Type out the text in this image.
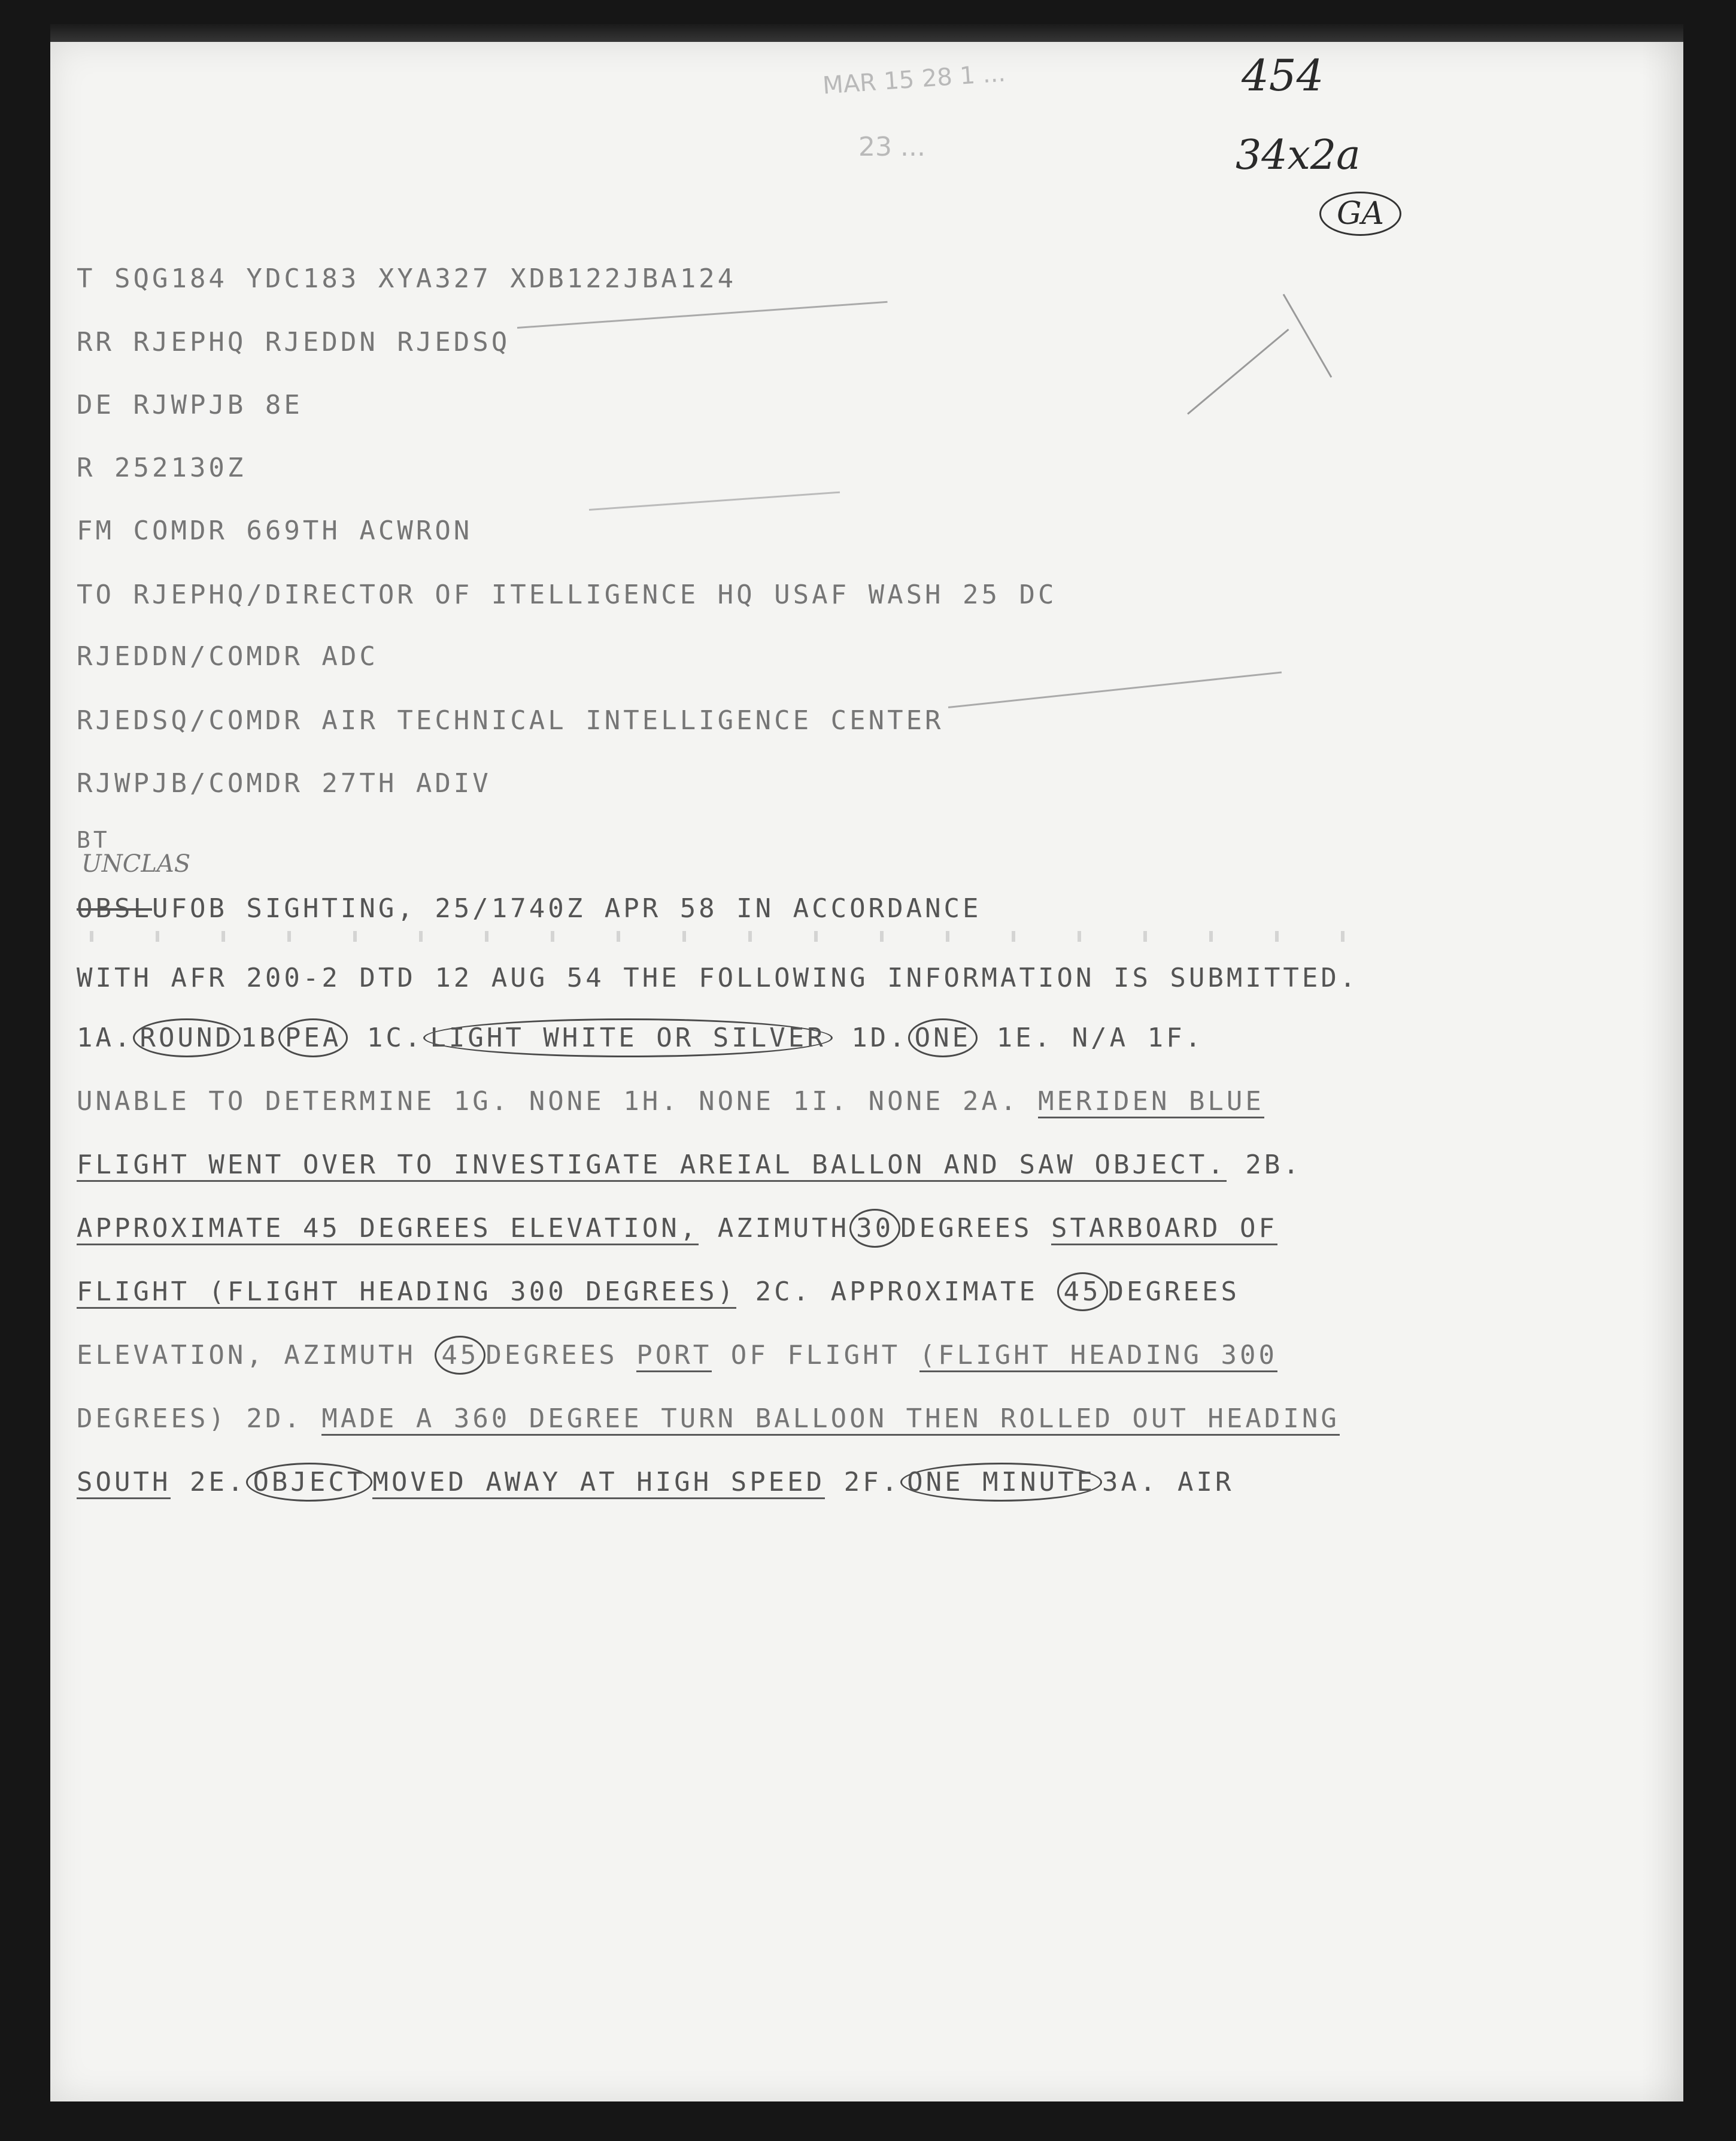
454
34x2a
GA
MAR 15 28 1 ...
23 ...

T SQG184 YDC183 XYA327 XDB122JBA124

RR RJEPHQ RJEDDN RJEDSQ

DE RJWPJB 8E

R 252130Z

FM COMDR 669TH ACWRON

TO RJEPHQ/DIRECTOR OF ITELLIGENCE HQ USAF WASH 25 DC

RJEDDN/COMDR ADC

RJEDSQ/COMDR AIR TECHNICAL INTELLIGENCE CENTER

RJWPJB/COMDR 27TH ADIV

BT

UNCLAS

OBSLUFOB SIGHTING, 25/1740Z APR 58 IN ACCORDANCE

WITH AFR 200-2 DTD 12 AUG 54 THE FOLLOWING INFORMATION IS SUBMITTED.

1A. ROUND 1B PEA 1C. LIGHT WHITE OR SILVER 1D. ONE 1E. N/A 1F.

UNABLE TO DETERMINE 1G. NONE 1H. NONE 1I. NONE 2A. MERIDEN BLUE

FLIGHT WENT OVER TO INVESTIGATE AREIAL BALLON AND SAW OBJECT. 2B.

APPROXIMATE 45 DEGREES ELEVATION, AZIMUTH 30 DEGREES STARBOARD OF

FLIGHT (FLIGHT HEADING 300 DEGREES) 2C. APPROXIMATE 45 DEGREES

ELEVATION, AZIMUTH 45 DEGREES PORT OF FLIGHT (FLIGHT HEADING 300

DEGREES) 2D. MADE A 360 DEGREE TURN BALLOON THEN ROLLED OUT HEADING

SOUTH 2E. OBJECT MOVED AWAY AT HIGH SPEED 2F. ONE MINUTE 3A. AIR
